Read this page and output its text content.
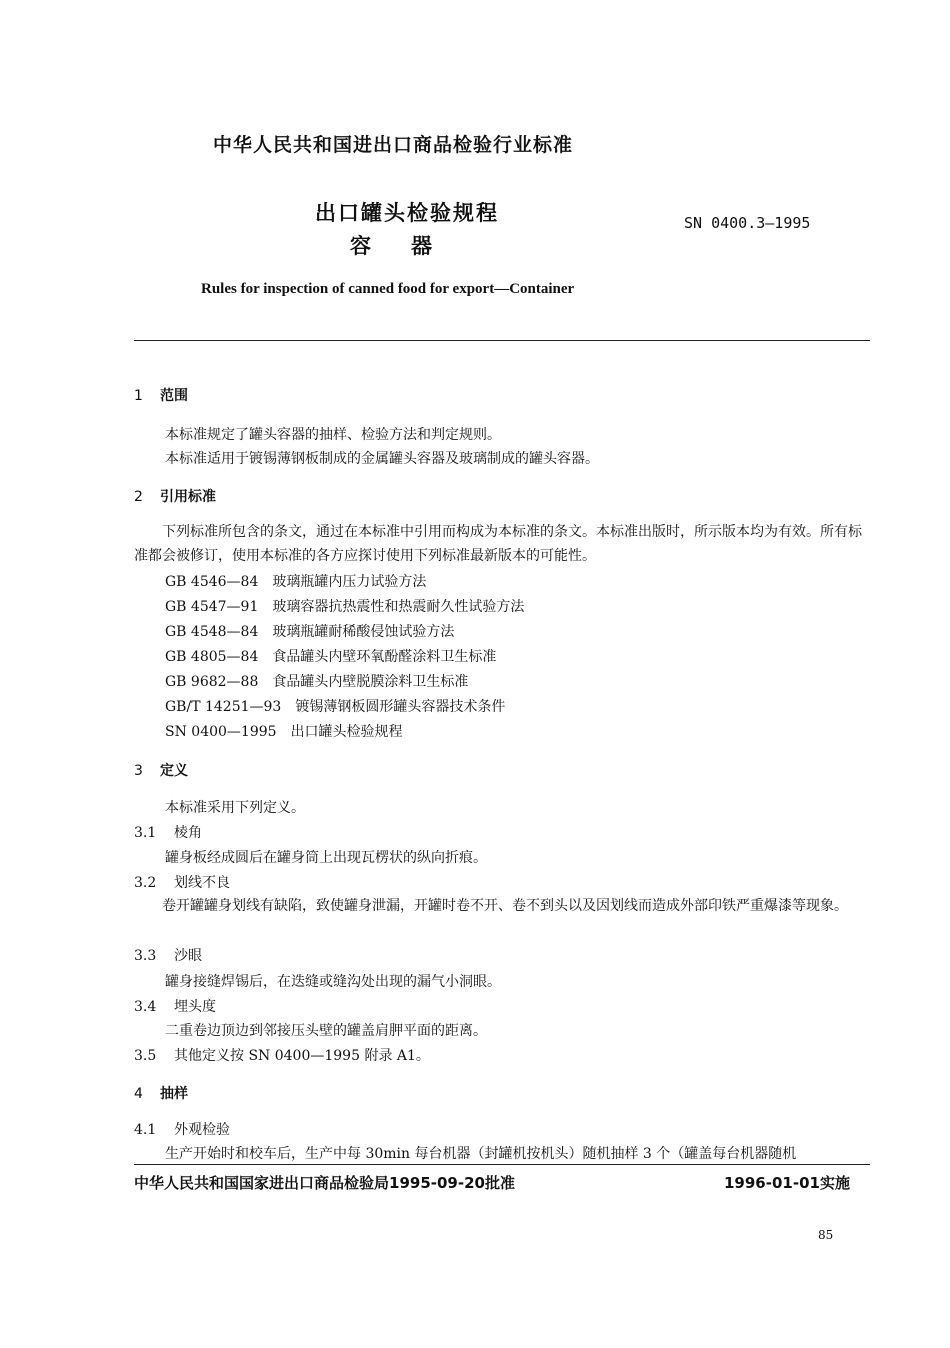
中华人民共和国进出口商品检验行业标准
出口罐头检验规程
容器
SN 0400.3—1995
Rules for inspection of canned food for export—Container
1 范围
本标准规定了罐头容器的抽样、检验方法和判定规则。
本标准适用于镀锡薄钢板制成的金属罐头容器及玻璃制成的罐头容器。
2 引用标准
下列标准所包含的条文，通过在本标准中引用而构成为本标准的条文。本标准出版时，所示版本均为有效。所有标准都会被修订，使用本标准的各方应探讨使用下列标准最新版本的可能性。
GB 4546—84　 玻璃瓶罐内压力试验方法
GB 4547—91　 玻璃容器抗热震性和热震耐久性试验方法
GB 4548—84　 玻璃瓶罐耐稀酸侵蚀试验方法
GB 4805—84　 食品罐头内壁环氧酚醛涂料卫生标准
GB 9682—88　 食品罐头内壁脱膜涂料卫生标准
GB/T 14251—93　 镀锡薄钢板圆形罐头容器技术条件
SN 0400—1995　 出口罐头检验规程
3 定义
本标准采用下列定义。
3.1 棱角
罐身板经成圆后在罐身筒上出现瓦楞状的纵向折痕。
3.2 划线不良
卷开罐罐身划线有缺陷，致使罐身泄漏，开罐时卷不开、卷不到头以及因划线而造成外部印铁严重爆漆等现象。
3.3 沙眼
罐身接缝焊锡后，在迭缝或缝沟处出现的漏气小洞眼。
3.4 埋头度
二重卷边顶边到邻接压头壁的罐盖肩胛平面的距离。
3.5 其他定义按 SN 0400—1995 附录 A1。
4 抽样
4.1 外观检验
生产开始时和校车后，生产中每 30min 每台机器（封罐机按机头）随机抽样 3 个（罐盖每台机器随机
中华人民共和国国家进出口商品检验局1995-09-20批准	1996-01-01实施
85
